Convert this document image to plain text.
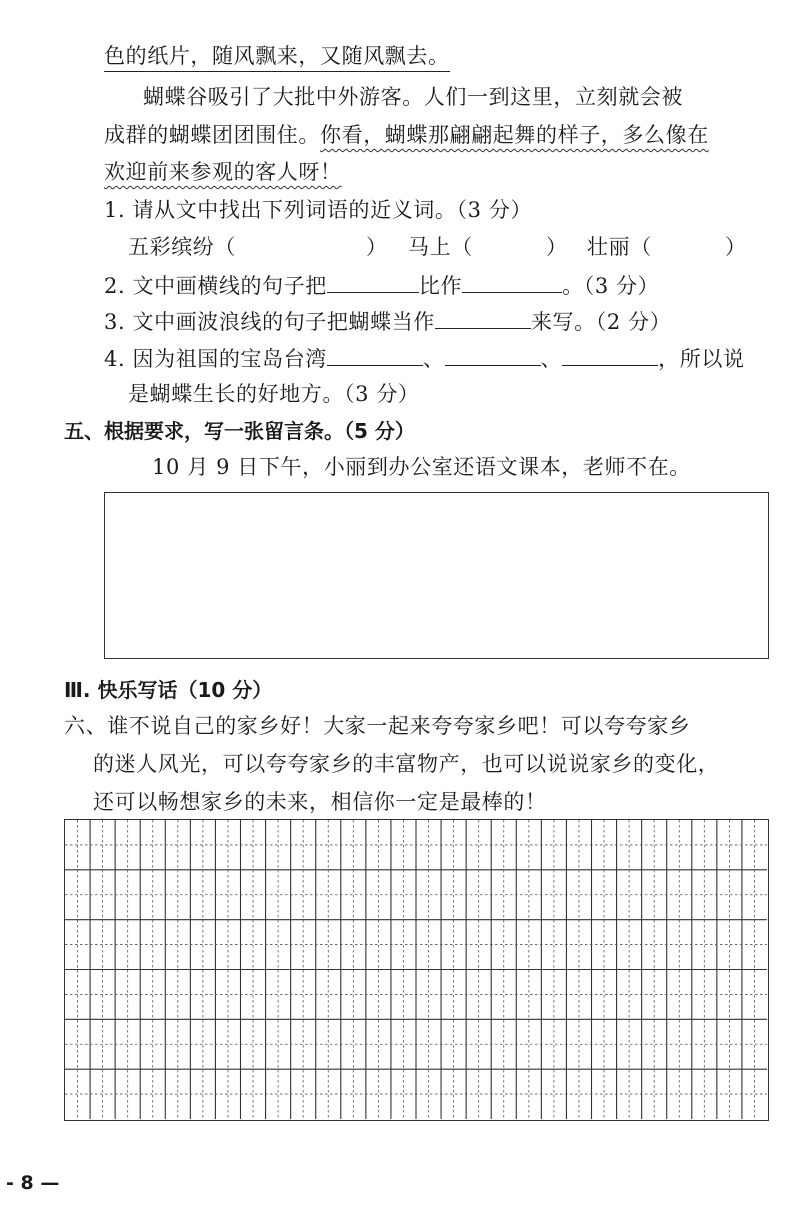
色的纸片，随风飘来，又随风飘去。
蝴蝶谷吸引了大批中外游客。人们一到这里，立刻就会被
成群的蝴蝶团团围住。你看，蝴蝶那翩翩起舞的样子，多么像在
欢迎前来参观的客人呀！
1. 请从文中找出下列词语的近义词。（3 分）
五彩缤纷（	） 马上（	） 壮丽（	）
2. 文中画横线的句子把	比作	。（3 分）
3. 文中画波浪线的句子把蝴蝶当作	来写。（2 分）
4. 因为祖国的宝岛台湾	、	、	，所以说
是蝴蝶生长的好地方。（3 分）
五、根据要求，写一张留言条。（5 分）
10 月 9 日下午，小丽到办公室还语文课本，老师不在。
Ⅲ. 快乐写话（10 分）
六、谁不说自己的家乡好！大家一起来夸夸家乡吧！可以夸夸家乡
的迷人风光，可以夸夸家乡的丰富物产，也可以说说家乡的变化，
还可以畅想家乡的未来，相信你一定是最棒的！
- 8 —
